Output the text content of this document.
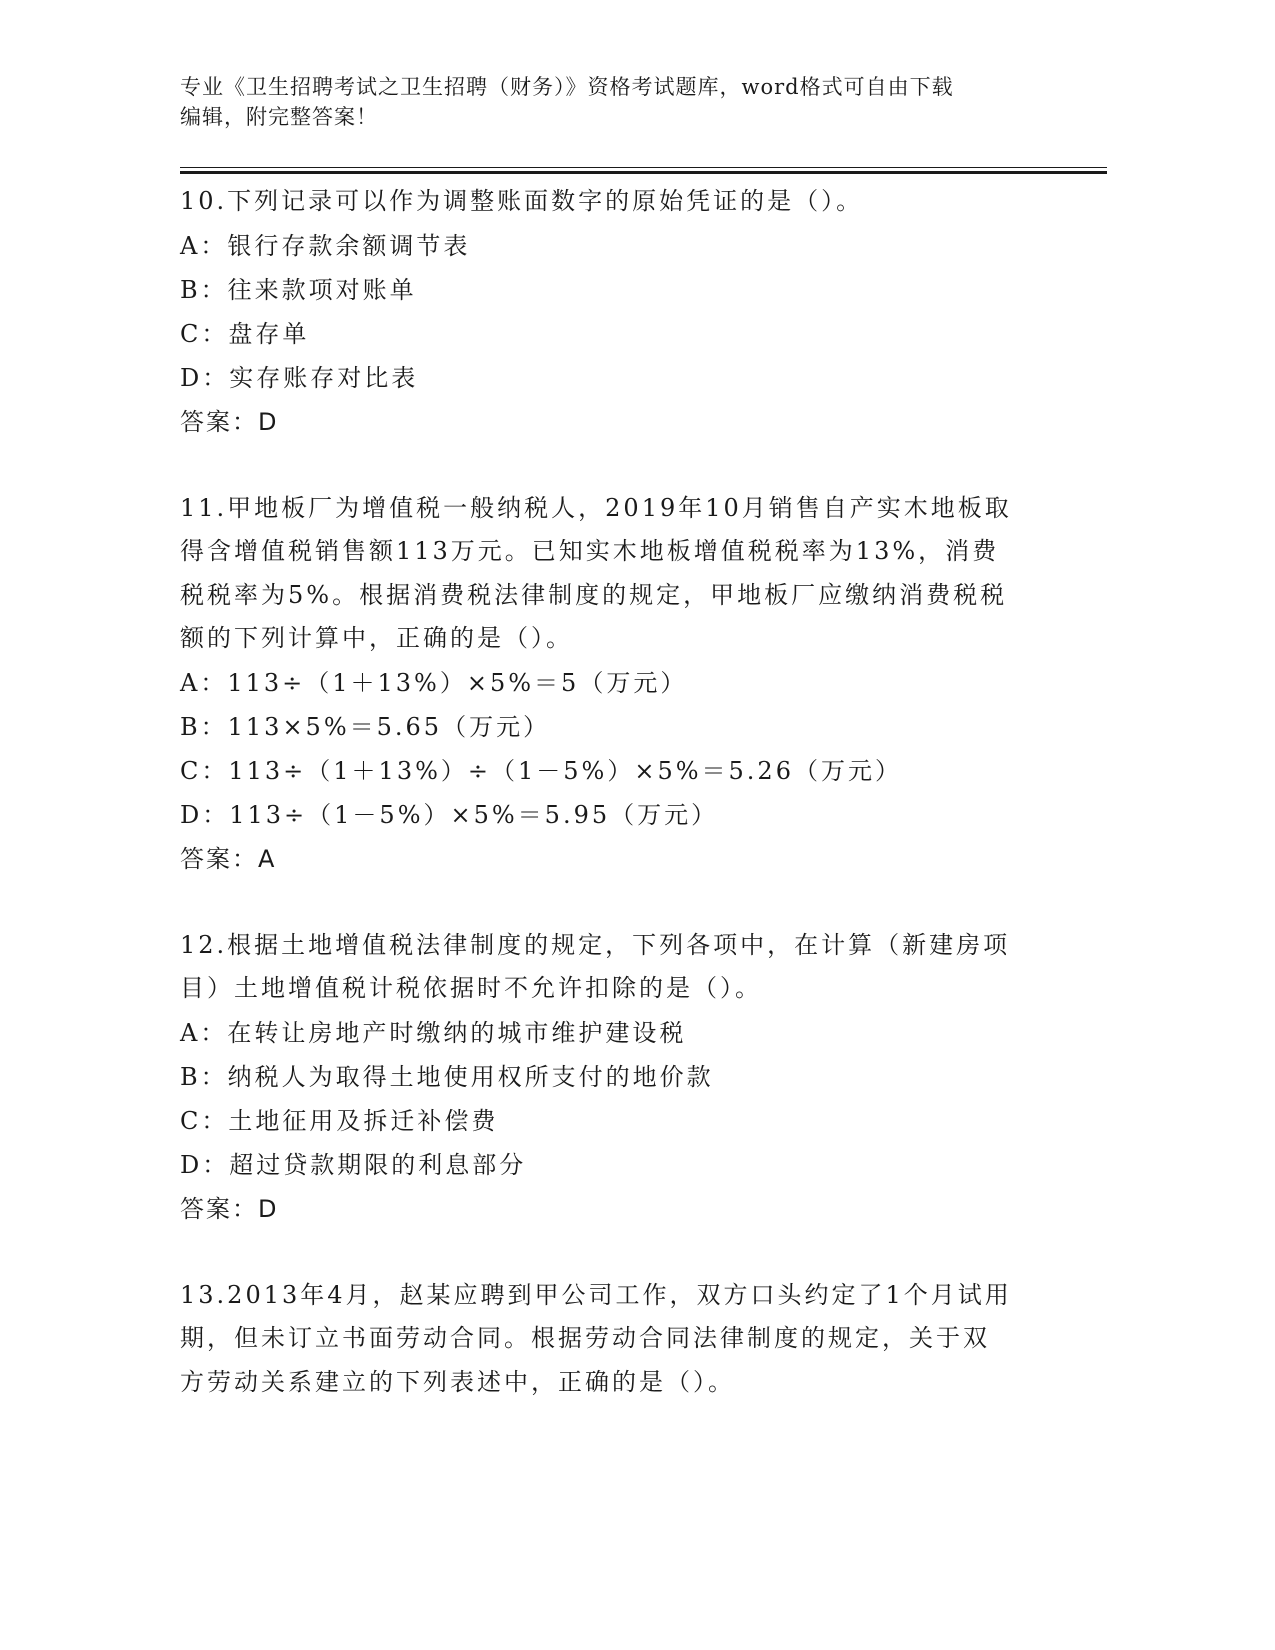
专业《卫生招聘考试之卫生招聘（财务）》资格考试题库，word格式可自由下载
编辑，附完整答案！
10.下列记录可以作为调整账面数字的原始凭证的是（）。
A：银行存款余额调节表
B：往来款项对账单
C：盘存单
D：实存账存对比表
答案：D
11.甲地板厂为增值税一般纳税人，2019年10月销售自产实木地板取
得含增值税销售额113万元。已知实木地板增值税税率为13%，消费
税税率为5%。根据消费税法律制度的规定，甲地板厂应缴纳消费税税
额的下列计算中，正确的是（）。
A：113÷（1＋13%）×5%＝5（万元）
B：113×5%＝5.65（万元）
C：113÷（1＋13%）÷（1－5%）×5%＝5.26（万元）
D：113÷（1－5%）×5%＝5.95（万元）
答案：A
12.根据土地增值税法律制度的规定，下列各项中，在计算（新建房项
目）土地增值税计税依据时不允许扣除的是（）。
A：在转让房地产时缴纳的城市维护建设税
B：纳税人为取得土地使用权所支付的地价款
C：土地征用及拆迁补偿费
D：超过贷款期限的利息部分
答案：D
13.2013年4月，赵某应聘到甲公司工作，双方口头约定了1个月试用
期，但未订立书面劳动合同。根据劳动合同法律制度的规定，关于双
方劳动关系建立的下列表述中，正确的是（）。
